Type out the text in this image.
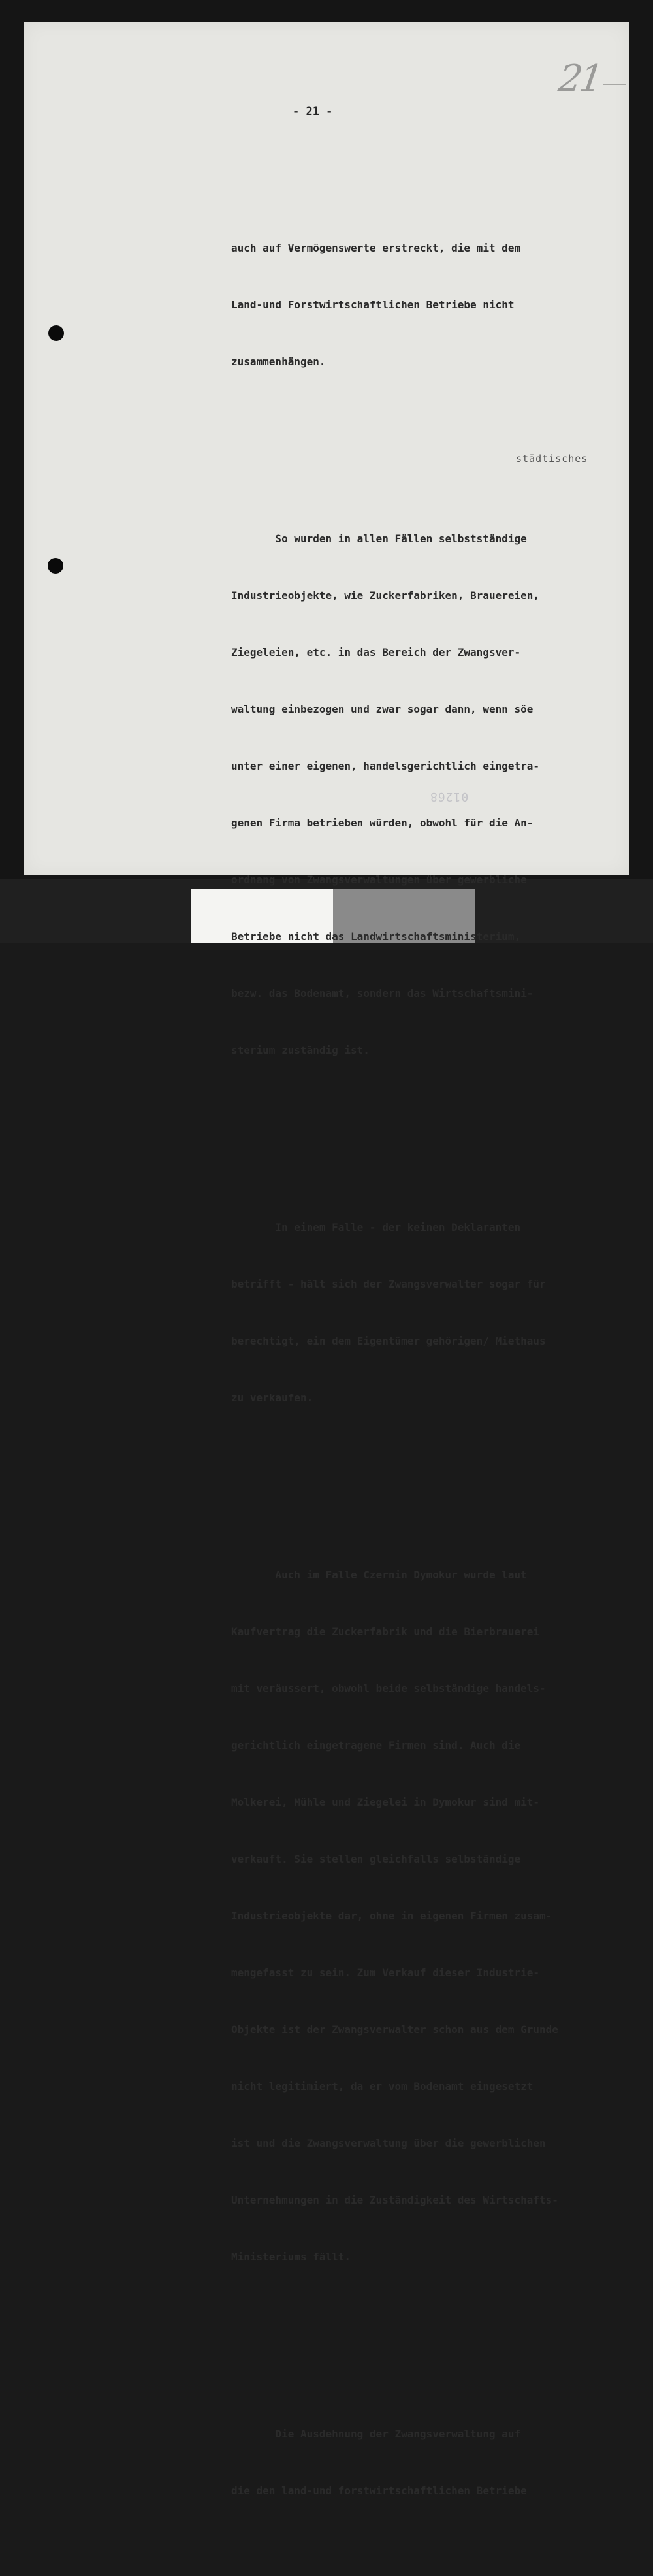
21
- 21 -
städtisches

auch auf Vermögenswerte erstreckt, die mit dem

Land-und Forstwirtschaftlichen Betriebe nicht

zusammenhängen.

So wurden in allen Fällen selbstständige

Industrieobjekte, wie Zuckerfabriken, Brauereien,

Ziegeleien, etc. in das Bereich der Zwangsver-

waltung einbezogen und zwar sogar dann, wenn söe

unter einer eigenen, handelsgerichtlich eingetra-

genen Firma betrieben würden, obwohl für die An-

ordnang von Zwangsverwaltungen über gewerbliche

Betriebe nicht das Landwirtschaftsministerium,

bezw. das Bodenamt, sondern das Wirtschaftsmini-

sterium zuständig ist.

In einem Falle - der keinen Deklaranten

betrifft - hält sich der Zwangsverwalter sogar für

berechtigt, ein dem Eigentümer gehörigen/ Miethaus

zu verkaufen.

Auch im Falle Czernin Dymokur wurde laut

Kaufvertrag die Zuckerfabrik und die Bierbrauerei

mit veräussert, obwohl beide selbständige handels-

gerichtlich eingetragene Firmen sind. Auch die

Molkerei, Mühle und Ziegelei in Dymokur sind mit-

verkauft. Sie stellen gleichfalls selbständige

Industrieobjekte dar, ohne in eigenen Firmen zusam-

mengefasst zu sein. Zum Verkauf dieser Industrie-

Objekte ist der Zwangsverwalter schon aus dem Grunde

nicht legitimiert, da er vom Bodenamt eingesetzt

ist und die Zwangsverwaltung über die gewerblichen

Unternehmungen in die Zuständigkeit des Wirtschafts-

Ministeriums fällt.

Die Ausdehnung der Zwangsverwaltung auf

die den land-und forstwirtschaftlichen Betriebe

01268
